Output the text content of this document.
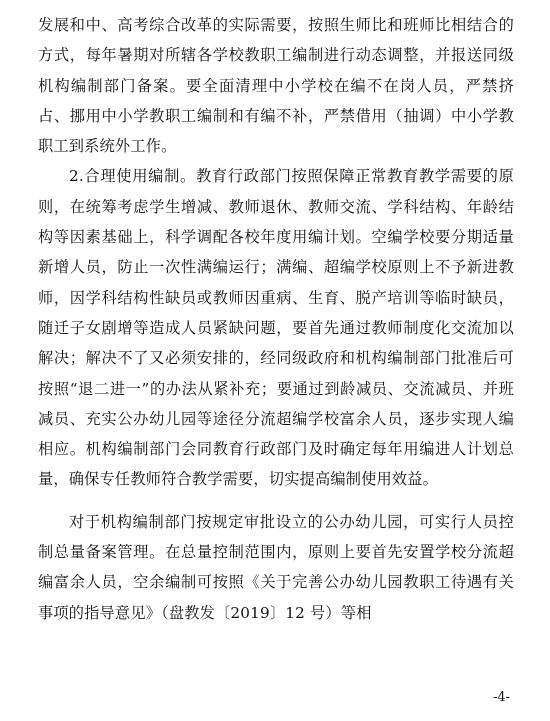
发展和中、高考综合改革的实际需要，按照生师比和班师比相结合的方式，每年暑期对所辖各学校教职工编制进行动态调整，并报送同级机构编制部门备案。要全面清理中小学校在编不在岗人员，严禁挤占、挪用中小学教职工编制和有编不补，严禁借用（抽调）中小学教职工到系统外工作。

2.合理使用编制。教育行政部门按照保障正常教育教学需要的原则，在统筹考虑学生增减、教师退休、教师交流、学科结构、年龄结构等因素基础上，科学调配各校年度用编计划。空编学校要分期适量新增人员，防止一次性满编运行；满编、超编学校原则上不予新进教师，因学科结构性缺员或教师因重病、生育、脱产培训等临时缺员，随迁子女剧增等造成人员紧缺问题，要首先通过教师制度化交流加以解决；解决不了又必须安排的，经同级政府和机构编制部门批准后可按照“退二进一”的办法从紧补充；要通过到龄减员、交流减员、并班减员、充实公办幼儿园等途径分流超编学校富余人员，逐步实现人编相应。机构编制部门会同教育行政部门及时确定每年用编进人计划总量，确保专任教师符合教学需要，切实提高编制使用效益。

对于机构编制部门按规定审批设立的公办幼儿园，可实行人员控制总量备案管理。在总量控制范围内，原则上要首先安置学校分流超编富余人员，空余编制可按照《关于完善公办幼儿园教职工待遇有关事项的指导意见》（盘教发〔2019〕12 号）等相

-4-
